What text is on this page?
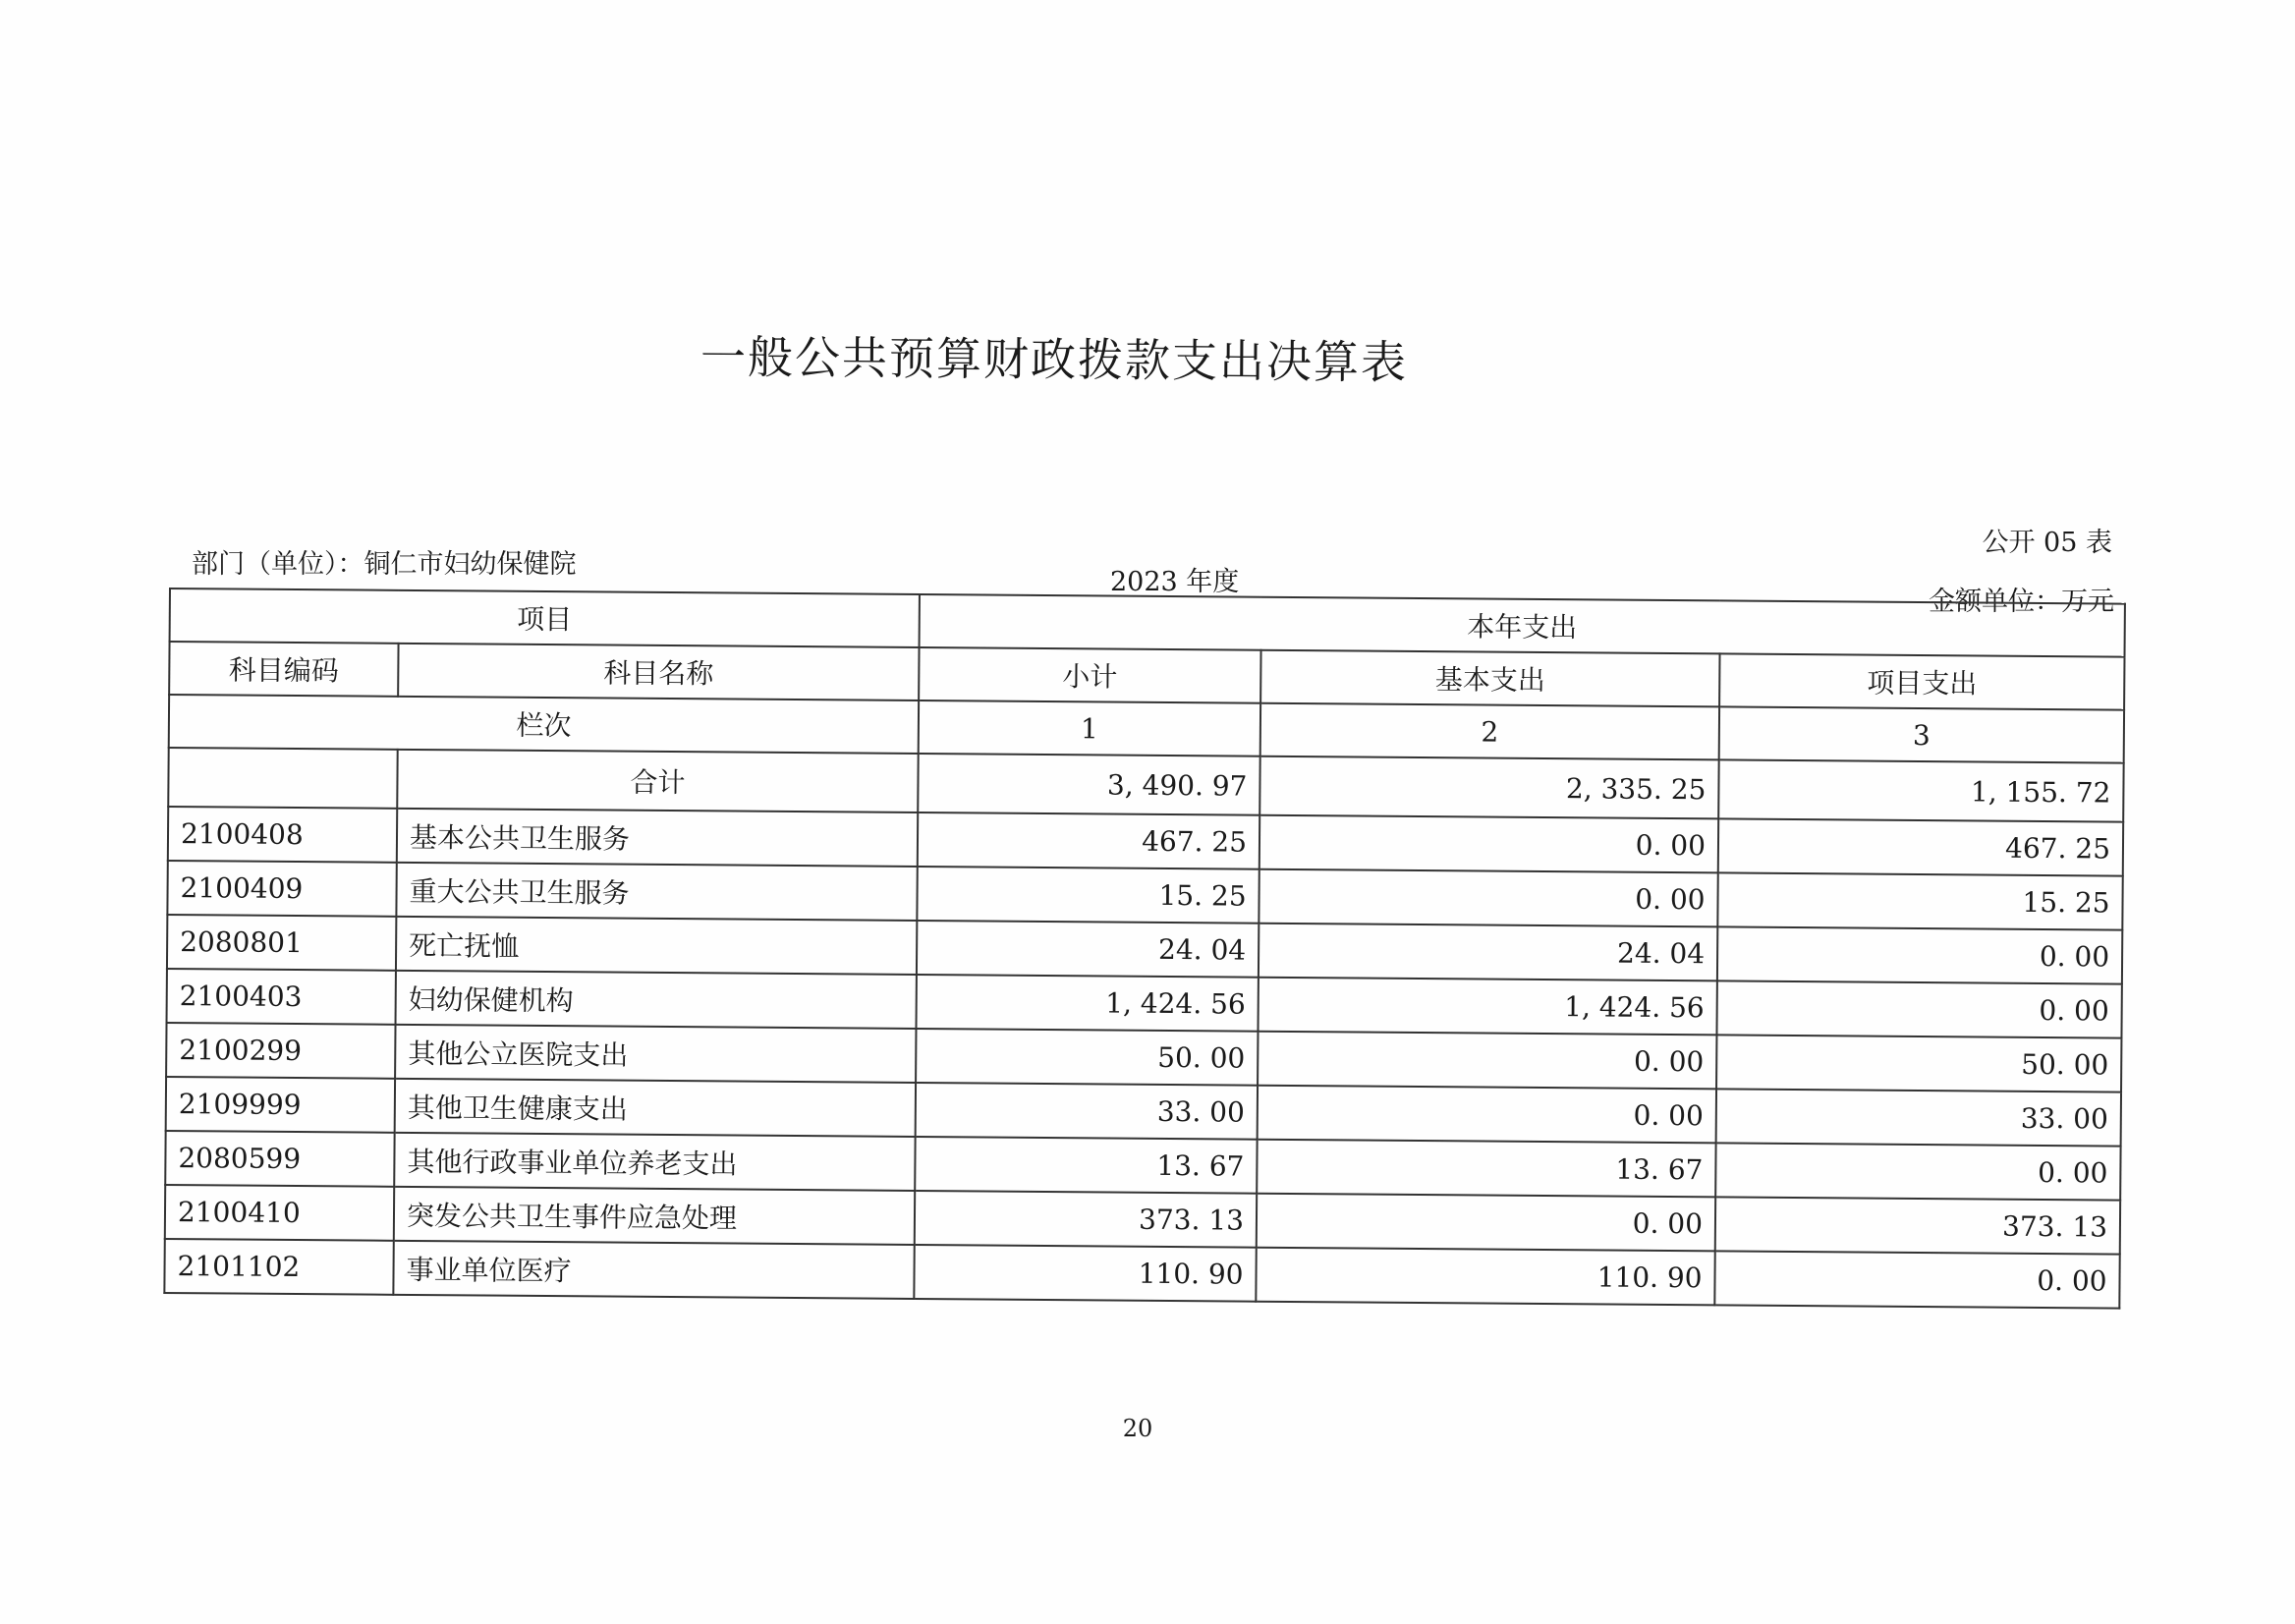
一般公共预算财政拨款支出决算表
部门（单位）：铜仁市妇幼保健院
2023 年度
公开 05 表
金额单位：万元
项目		本年支出		
科目编码	科目名称	小计	基本支出	项目支出
栏次		1	2	3
	合计	3, 490. 97	2, 335. 25	1, 155. 72
2100408	基本公共卫生服务	467. 25	0. 00	467. 25
2100409	重大公共卫生服务	15. 25	0. 00	15. 25
2080801	死亡抚恤	24. 04	24. 04	0. 00
2100403	妇幼保健机构	1, 424. 56	1, 424. 56	0. 00
2100299	其他公立医院支出	50. 00	0. 00	50. 00
2109999	其他卫生健康支出	33. 00	0. 00	33. 00
2080599	其他行政事业单位养老支出	13. 67	13. 67	0. 00
2100410	突发公共卫生事件应急处理	373. 13	0. 00	373. 13
2101102	事业单位医疗	110. 90	110. 90	0. 00
20
